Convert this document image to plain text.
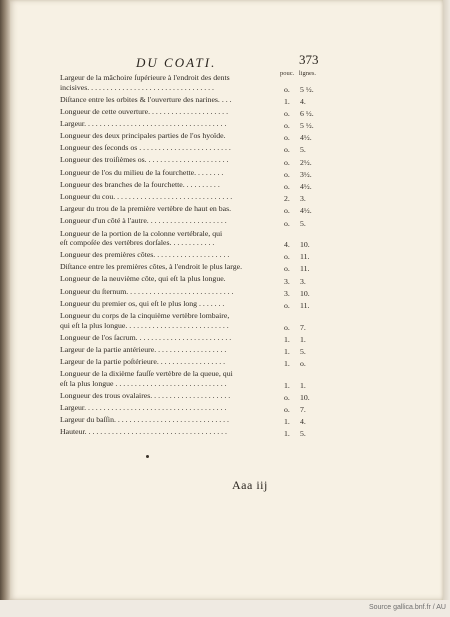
DU COATI.	373
pouc. lignes.
Largeur de la mâchoire ſupérieure à l'endroit des dents
incisives. . . . . . . . . . . . . . . . . . . . . . . . . . . . . . . . .	o. 5 ½.
Diſtance entre les orbites & l'ouverture des narines. . . .	1. 4.
Longueur de cette ouverture. . . . . . . . . . . . . . . . . . . . .	o. 6 ½.
Largeur. . . . . . . . . . . . . . . . . . . . . . . . . . . . . . . . . . . . .	o. 5 ½.
Longueur des deux principales parties de l'os hyoïde.	o. 4½.
Longueur des ſeconds os . . . . . . . . . . . . . . . . . . . . . . . .	o. 5.
Longueur des troiſièmes os. . . . . . . . . . . . . . . . . . . . . .	o. 2½.
Longueur de l'os du milieu de la fourchette. . . . . . . .	o. 3½.
Longueur des branches de la fourchette. . . . . . . . . .	o. 4½.
Longueur du cou. . . . . . . . . . . . . . . . . . . . . . . . . . . . . . .	2. 3.
Largeur du trou de la première vertèbre de haut en bas.	o. 4½.
Longueur d'un côté à l'autre. . . . . . . . . . . . . . . . . . . . .	o. 5.
Longueur de la portion de la colonne vertébrale, qui
eſt compoſée des vertèbres dorſales. . . . . . . . . . . .	4. 10.
Longueur des premières côtes. . . . . . . . . . . . . . . . . . . .	o. 11.
Diſtance entre les premières côtes, à l'endroit le plus large.	o. 11.
Longueur de la neuvième côte, qui eſt la plus longue.	3. 3.
Longueur du ſternum. . . . . . . . . . . . . . . . . . . . . . . . . . . .	3. 10.
Longueur du premier os, qui eſt le plus long . . . . . . .	o. 11.
Longueur du corps de la cinquième vertèbre lombaire,
qui eſt la plus longue. . . . . . . . . . . . . . . . . . . . . . . . . . .	o. 7.
Longueur de l'os ſacrum. . . . . . . . . . . . . . . . . . . . . . . . .	1. 1.
Largeur de la partie antérieure. . . . . . . . . . . . . . . . . . .	1. 5.
Largeur de la partie poſtérieure. . . . . . . . . . . . . . . . . .	1. o.
Longueur de la dixième fauſſe vertèbre de la queue, qui
eſt la plus longue . . . . . . . . . . . . . . . . . . . . . . . . . . . . .	1. 1.
Longueur des trous ovalaires. . . . . . . . . . . . . . . . . . . . .	o. 10.
Largeur. . . . . . . . . . . . . . . . . . . . . . . . . . . . . . . . . . . . .	o. 7.
Largeur du baſſin. . . . . . . . . . . . . . . . . . . . . . . . . . . . . .	1. 4.
Hauteur. . . . . . . . . . . . . . . . . . . . . . . . . . . . . . . . . . . . .	1. 5.
Aaa iij
Source gallica.bnf.fr / AU
